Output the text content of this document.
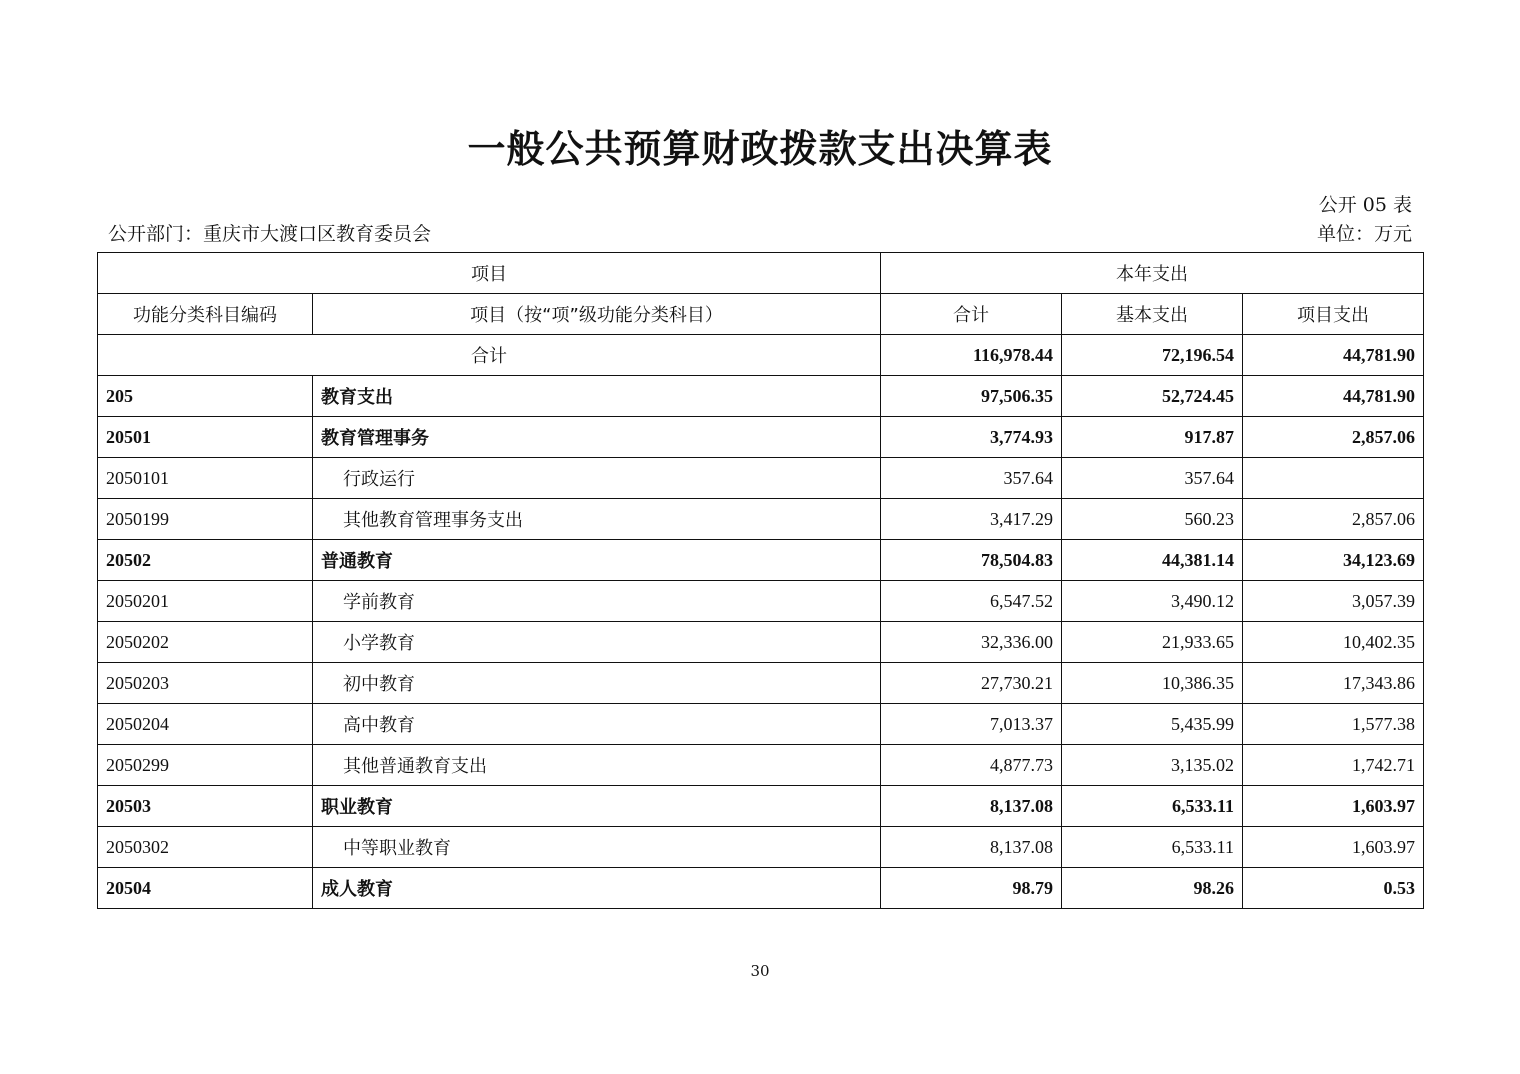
一般公共预算财政拨款支出决算表
公开 05 表
公开部门：重庆市大渡口区教育委员会	单位：万元
项目		本年支出		
功能分类科目编码	项目（按“项”级功能分类科目）	合计	基本支出	项目支出
合计		116,978.44	72,196.54	44,781.90
205	教育支出	97,506.35	52,724.45	44,781.90
20501	教育管理事务	3,774.93	917.87	2,857.06
2050101	行政运行	357.64	357.64	
2050199	其他教育管理事务支出	3,417.29	560.23	2,857.06
20502	普通教育	78,504.83	44,381.14	34,123.69
2050201	学前教育	6,547.52	3,490.12	3,057.39
2050202	小学教育	32,336.00	21,933.65	10,402.35
2050203	初中教育	27,730.21	10,386.35	17,343.86
2050204	高中教育	7,013.37	5,435.99	1,577.38
2050299	其他普通教育支出	4,877.73	3,135.02	1,742.71
20503	职业教育	8,137.08	6,533.11	1,603.97
2050302	中等职业教育	8,137.08	6,533.11	1,603.97
20504	成人教育	98.79	98.26	0.53
30
